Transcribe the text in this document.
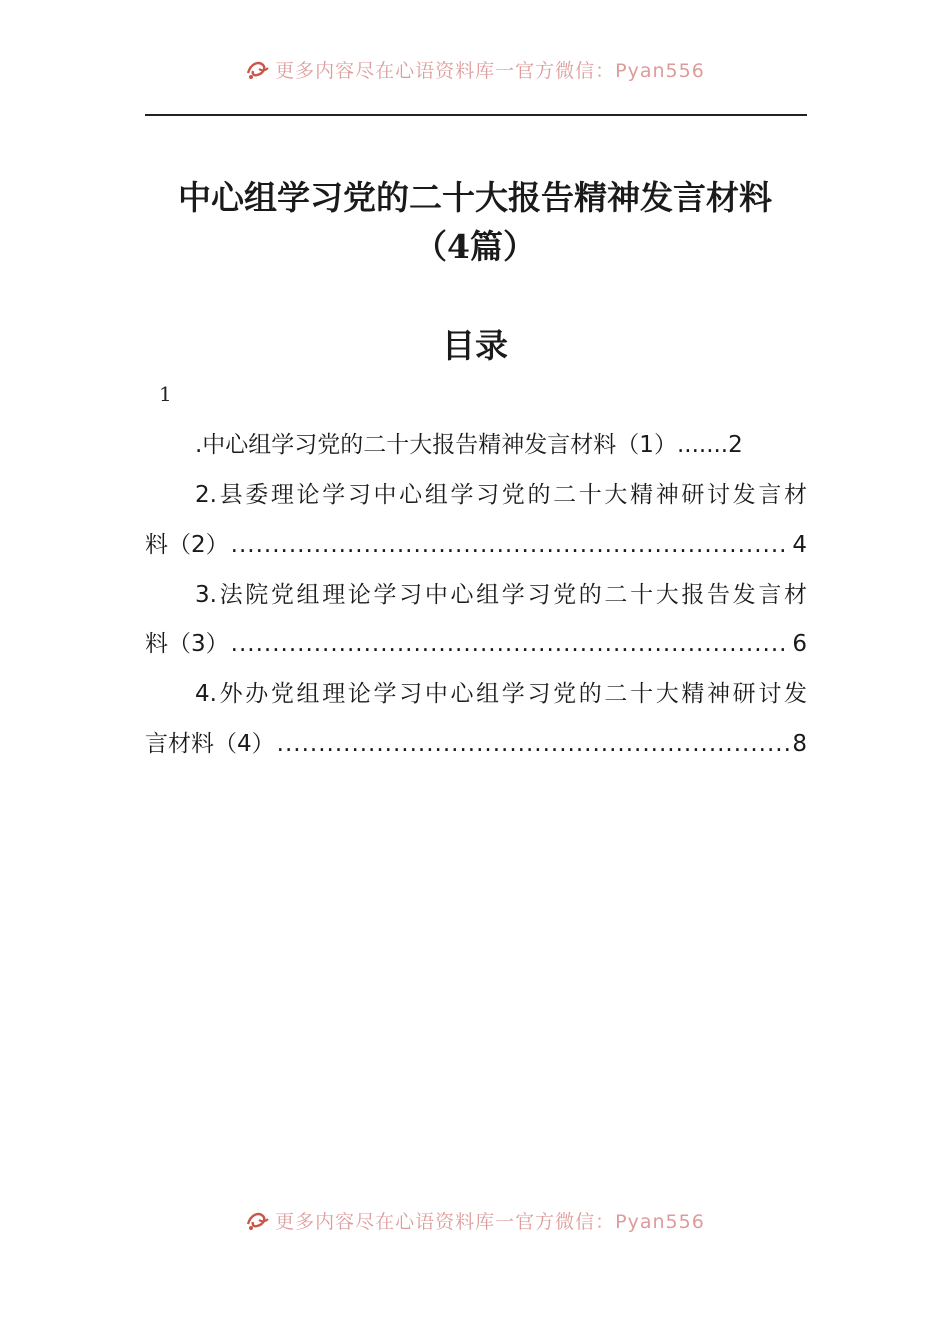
更多内容尽在心语资料库一官方微信：Pyan556
中心组学习党的二十大报告精神发言材料
（4篇）
目录
1
.中心组学习党的二十大报告精神发言材料（1）.......2
2.县委理论学习中心组学习党的二十大精神研讨发言材
料（2） .....	4
3.法院党组理论学习中心组学习党的二十大报告发言材
料（3） .....	6
4.外办党组理论学习中心组学习党的二十大精神研讨发
言材料（4） .....	8
更多内容尽在心语资料库一官方微信：Pyan556
